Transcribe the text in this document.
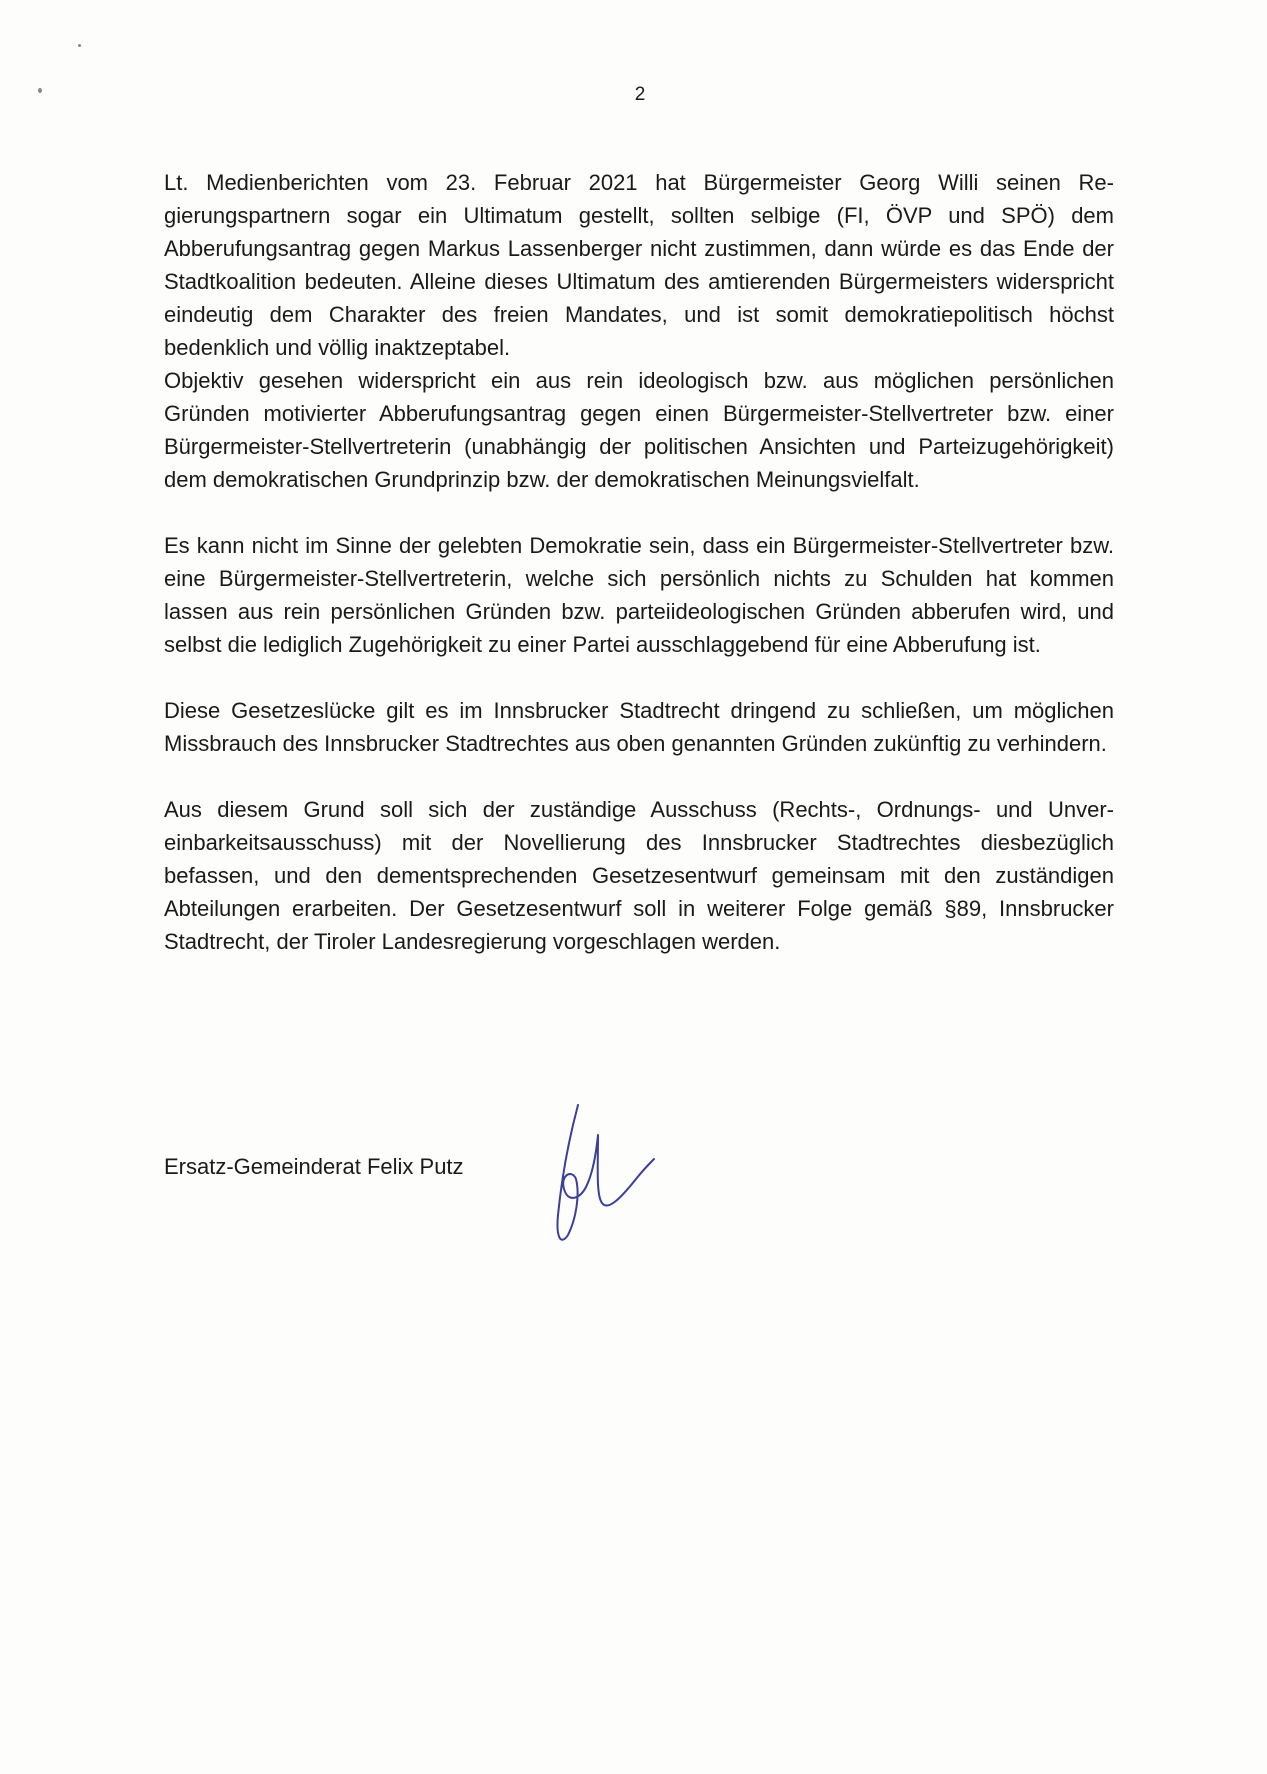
2

Lt. Medienberichten vom 23. Februar 2021 hat Bürgermeister Georg Willi seinen Regierungspartnern sogar ein Ultimatum gestellt, sollten selbige (FI, ÖVP und SPÖ) dem Abberufungsantrag gegen Markus Lassenberger nicht zustimmen, dann würde es das Ende der Stadtkoalition bedeuten. Alleine dieses Ultimatum des amtierenden Bürgermeisters widerspricht eindeutig dem Charakter des freien Mandates, und ist somit demokratiepolitisch höchst bedenklich und völlig inaktzeptabel.

Objektiv gesehen widerspricht ein aus rein ideologisch bzw. aus möglichen persönlichen Gründen motivierter Abberufungsantrag gegen einen Bürgermeister-Stellvertreter bzw. einer Bürgermeister-Stellvertreterin (unabhängig der politischen Ansichten und Parteizugehörigkeit) dem demokratischen Grundprinzip bzw. der demokratischen Meinungsvielfalt.

Es kann nicht im Sinne der gelebten Demokratie sein, dass ein Bürgermeister-Stellvertreter bzw. eine Bürgermeister-Stellvertreterin, welche sich persönlich nichts zu Schulden hat kommen lassen aus rein persönlichen Gründen bzw. parteiideologischen Gründen abberufen wird, und selbst die lediglich Zugehörigkeit zu einer Partei ausschlaggebend für eine Abberufung ist.

Diese Gesetzeslücke gilt es im Innsbrucker Stadtrecht dringend zu schließen, um möglichen Missbrauch des Innsbrucker Stadtrechtes aus oben genannten Gründen zukünftig zu verhindern.

Aus diesem Grund soll sich der zuständige Ausschuss (Rechts-, Ordnungs- und Unvereinbarkeitsausschuss) mit der Novellierung des Innsbrucker Stadtrechtes diesbezüglich befassen, und den dementsprechenden Gesetzesentwurf gemeinsam mit den zuständigen Abteilungen erarbeiten. Der Gesetzesentwurf soll in weiterer Folge gemäß §89, Innsbrucker Stadtrecht, der Tiroler Landesregierung vorgeschlagen werden.

Ersatz-Gemeinderat Felix Putz
